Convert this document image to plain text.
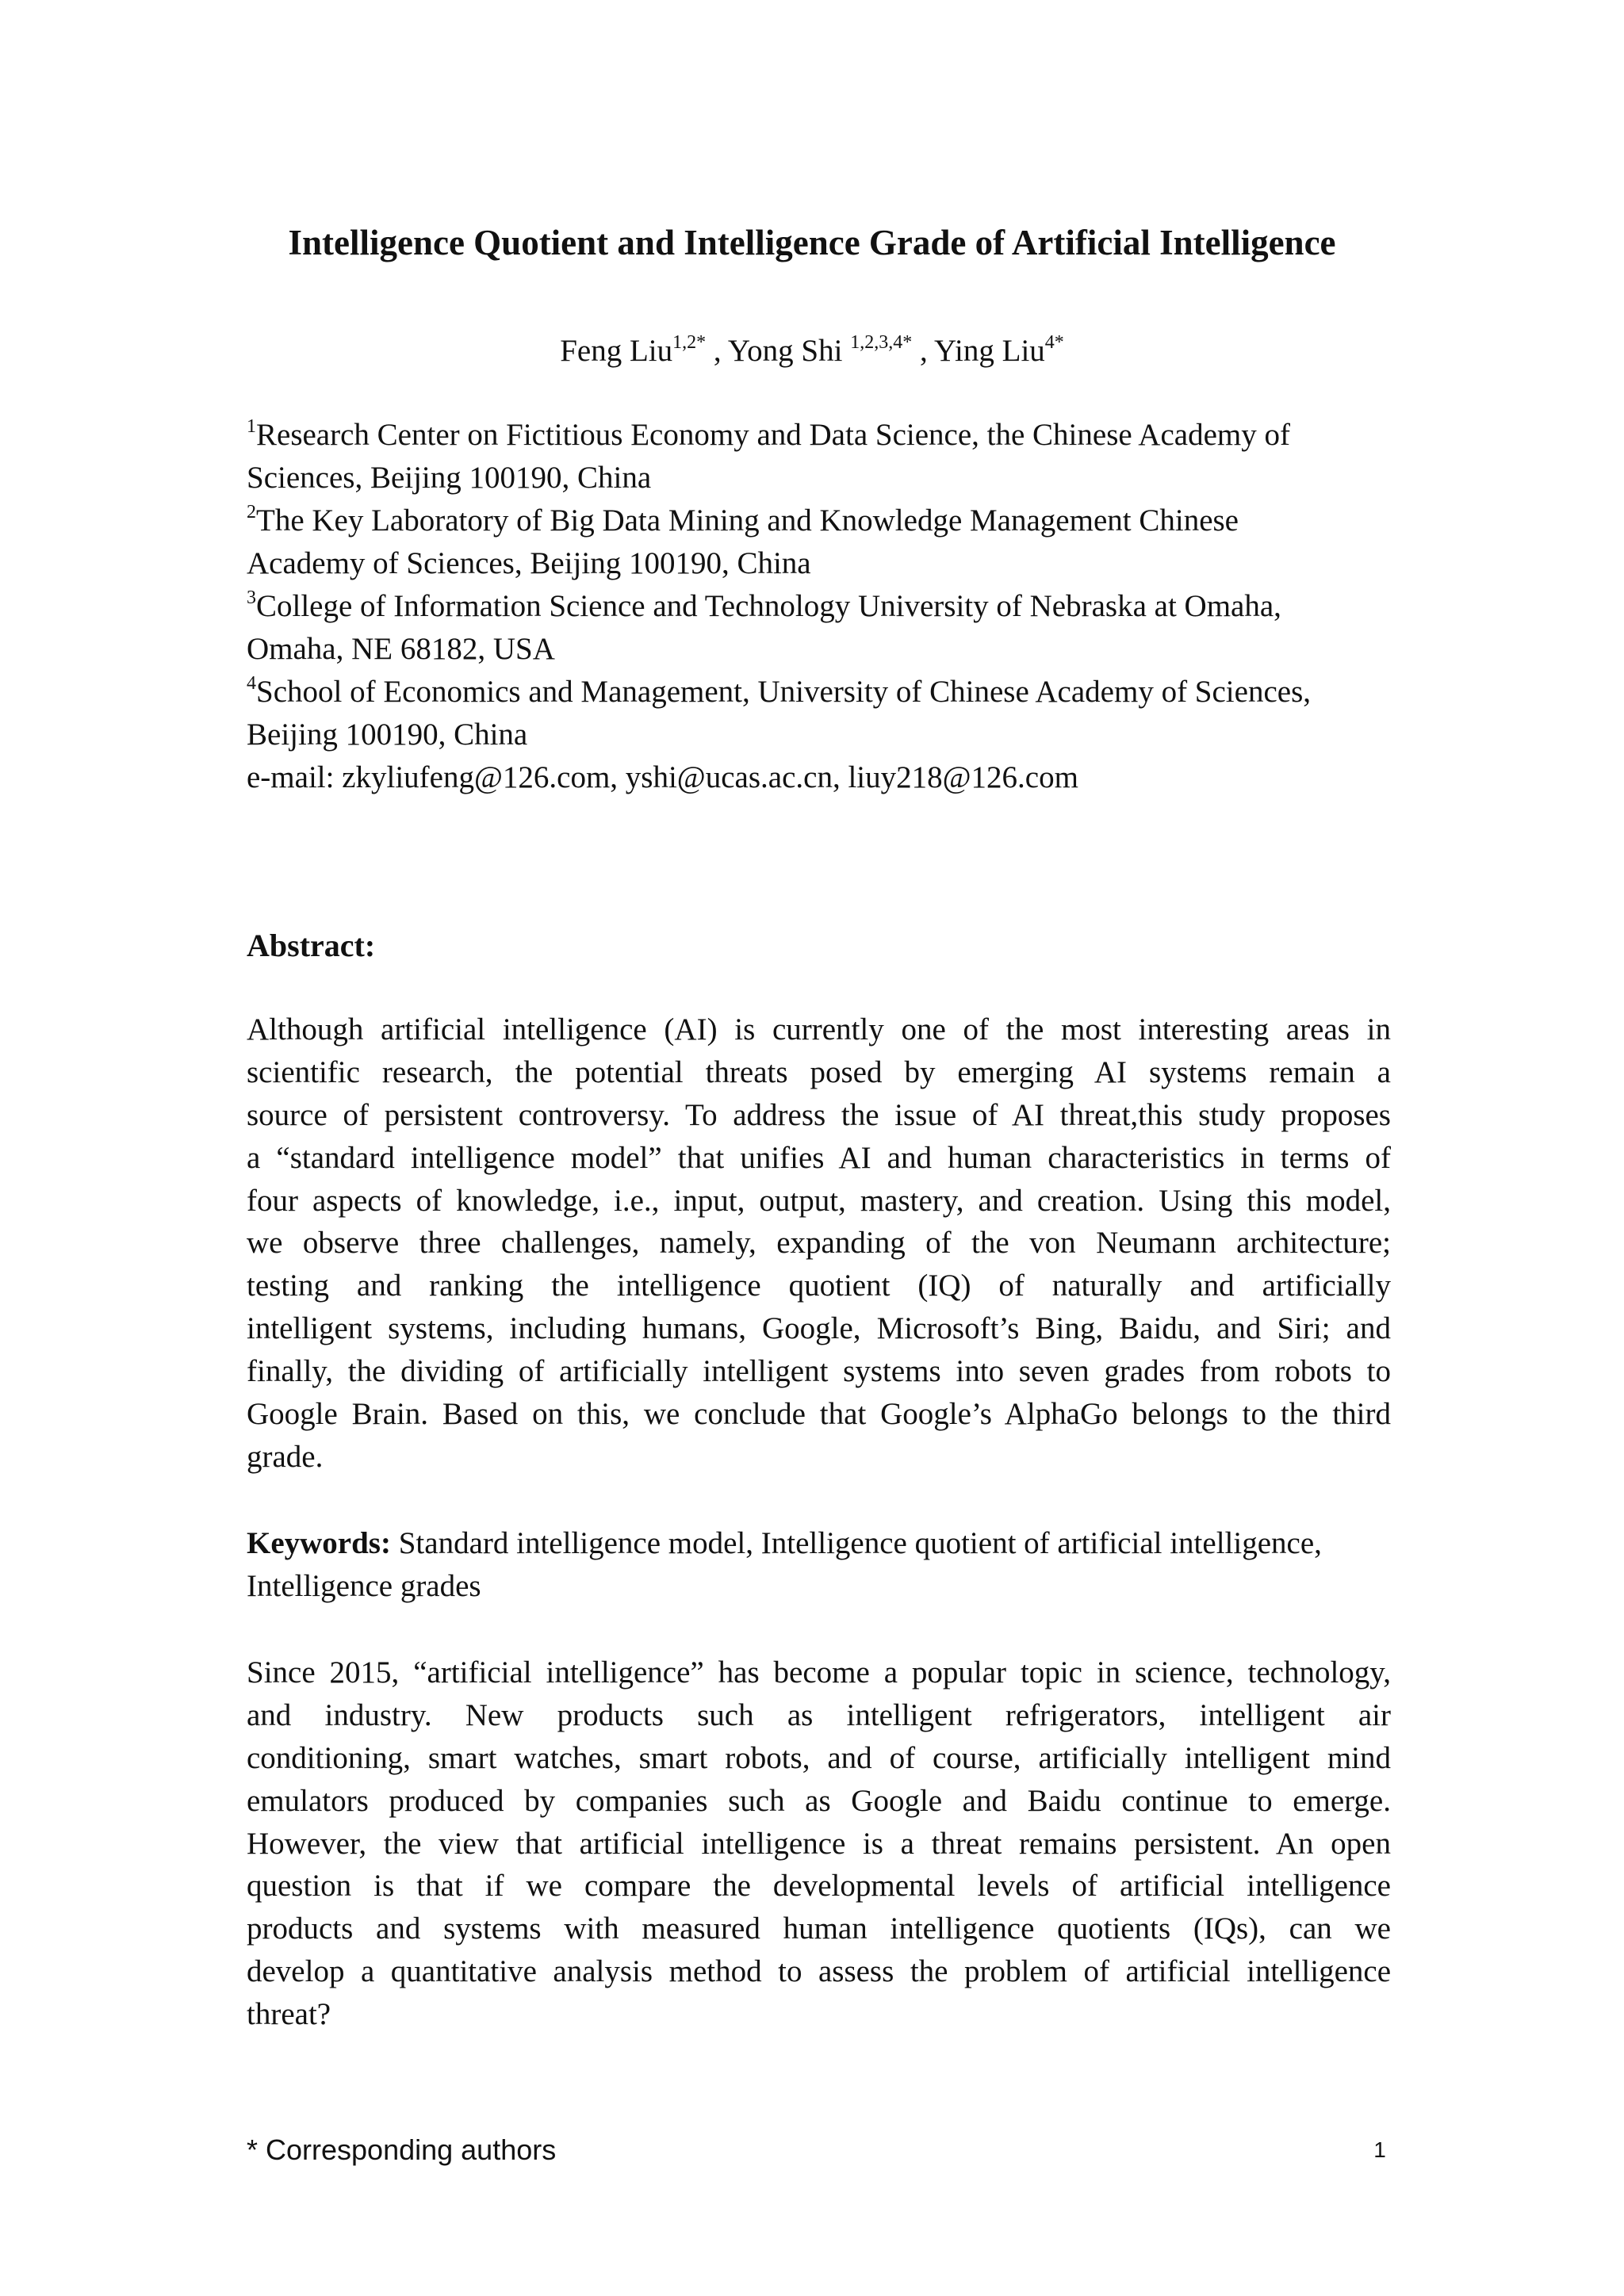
Intelligence Quotient and Intelligence Grade of Artificial Intelligence
Feng Liu$^{1,2*}$ , Yong Shi $^{1,2,3,4*}$ , Ying Liu$^{4*}$
$^1$Research Center on Fictitious Economy and Data Science, the Chinese Academy of
Sciences, Beijing 100190, China
$^2$The Key Laboratory of Big Data Mining and Knowledge Management Chinese
Academy of Sciences, Beijing 100190, China
$^3$College of Information Science and Technology University of Nebraska at Omaha,
Omaha, NE 68182, USA
$^4$School of Economics and Management, University of Chinese Academy of Sciences,
Beijing 100190, China
e-mail: zkyliufeng@126.com, yshi@ucas.ac.cn, liuy218@126.com
Abstract:
Although artificial intelligence (AI) is currently one of the most interesting areas in
scientific research, the potential threats posed by emerging AI systems remain a
source of persistent controversy. To address the issue of AI threat,this study proposes
a “standard intelligence model” that unifies AI and human characteristics in terms of
four aspects of knowledge, i.e., input, output, mastery, and creation. Using this model,
we observe three challenges, namely, expanding of the von Neumann architecture;
testing and ranking the intelligence quotient (IQ) of naturally and artificially
intelligent systems, including humans, Google, Microsoft’s Bing, Baidu, and Siri; and
finally, the dividing of artificially intelligent systems into seven grades from robots to
Google Brain. Based on this, we conclude that Google’s AlphaGo belongs to the third
grade.
Keywords: Standard intelligence model, Intelligence quotient of artificial intelligence,
Intelligence grades
Since 2015, “artificial intelligence” has become a popular topic in science, technology,
and industry. New products such as intelligent refrigerators, intelligent air
conditioning, smart watches, smart robots, and of course, artificially intelligent mind
emulators produced by companies such as Google and Baidu continue to emerge.
However, the view that artificial intelligence is a threat remains persistent. An open
question is that if we compare the developmental levels of artificial intelligence
products and systems with measured human intelligence quotients (IQs), can we
develop a quantitative analysis method to assess the problem of artificial intelligence
threat?
* Corresponding authors	1
